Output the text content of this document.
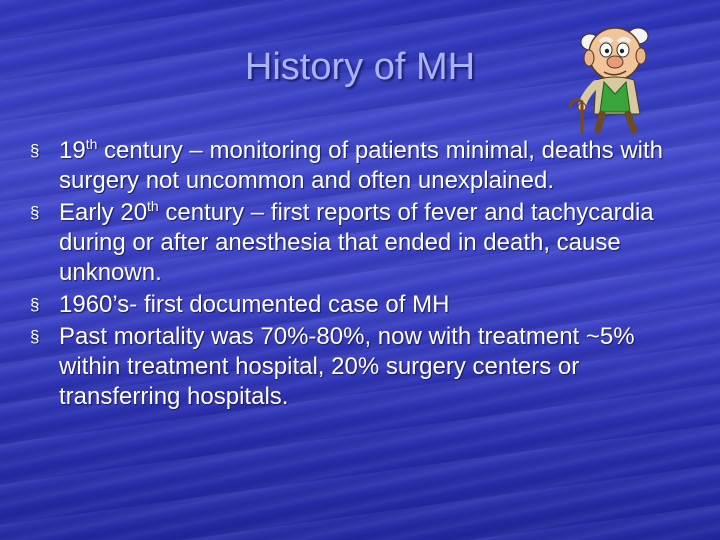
History of MH
§ 19th century – monitoring of patients minimal, deaths with surgery not uncommon and often unexplained.
§ Early 20th century – first reports of fever and tachycardia during or after anesthesia that ended in death, cause unknown.
§ 1960’s- first documented case of MH
§ Past mortality was 70%-80%, now with treatment ~5% within treatment hospital, 20% surgery centers or transferring hospitals.
